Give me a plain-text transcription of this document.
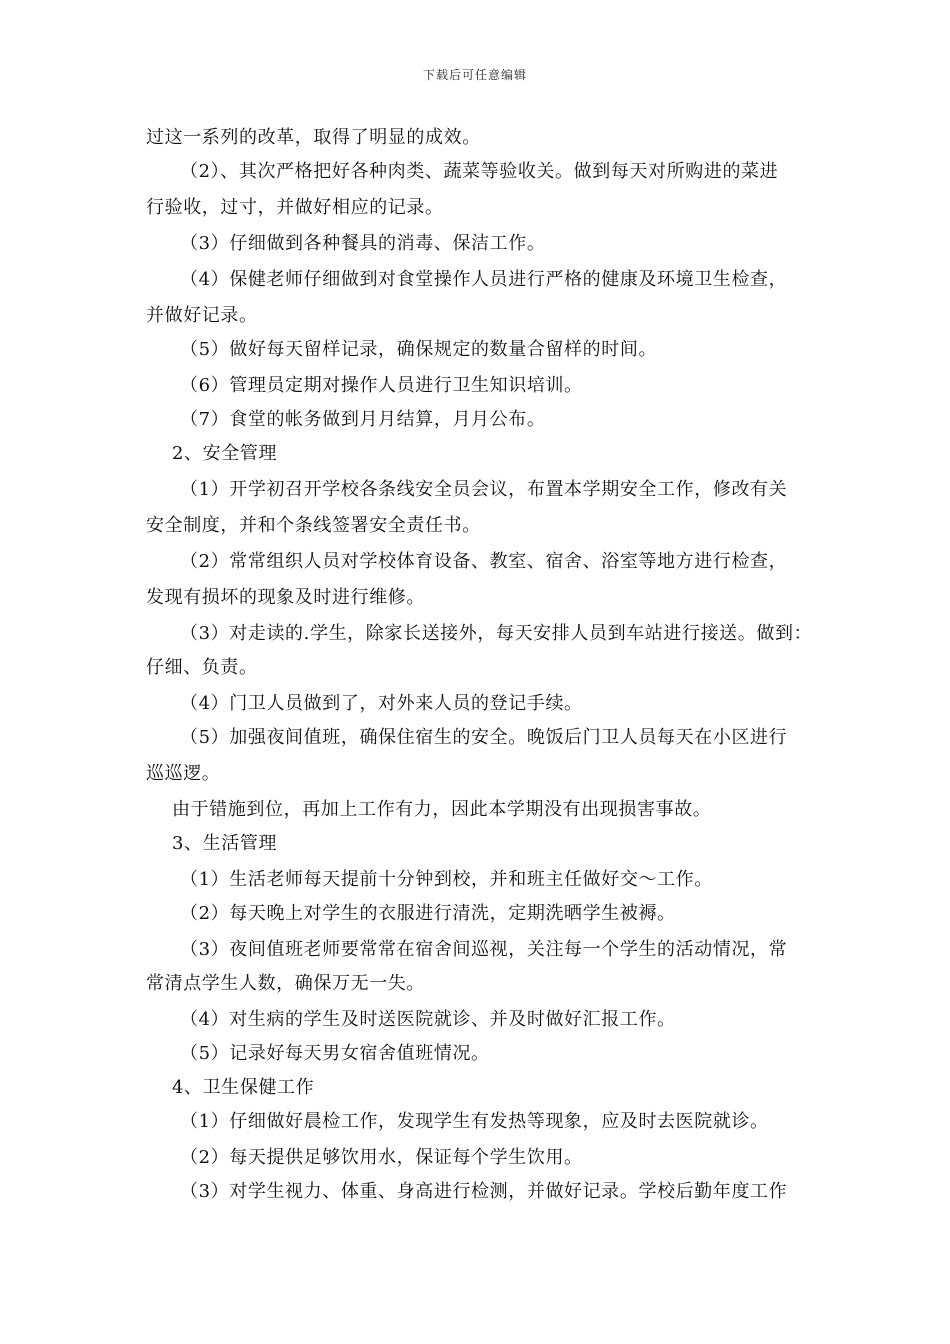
下载后可任意编辑
过这一系列的改革，取得了明显的成效。
（2）、其次严格把好各种肉类、蔬菜等验收关。做到每天对所购进的菜进
行验收，过寸，并做好相应的记录。
（3）仔细做到各种餐具的消毒、保洁工作。
（4）保健老师仔细做到对食堂操作人员进行严格的健康及环境卫生检查，
并做好记录。
（5）做好每天留样记录，确保规定的数量合留样的时间。
（6）管理员定期对操作人员进行卫生知识培训。
（7）食堂的帐务做到月月结算，月月公布。
2、安全管理
（1）开学初召开学校各条线安全员会议，布置本学期安全工作，修改有关
安全制度，并和个条线签署安全责任书。
（2）常常组织人员对学校体育设备、教室、宿舍、浴室等地方进行检查，
发现有损坏的现象及时进行维修。
（3）对走读的.学生，除家长送接外，每天安排人员到车站进行接送。做到：
仔细、负责。
（4）门卫人员做到了，对外来人员的登记手续。
（5）加强夜间值班，确保住宿生的安全。晚饭后门卫人员每天在小区进行
巡巡逻。
由于错施到位，再加上工作有力，因此本学期没有出现损害事故。
3、生活管理
（1）生活老师每天提前十分钟到校，并和班主任做好交～工作。
（2）每天晚上对学生的衣服进行清洗，定期洗晒学生被褥。
（3）夜间值班老师要常常在宿舍间巡视，关注每一个学生的活动情况，常
常清点学生人数，确保万无一失。
（4）对生病的学生及时送医院就诊、并及时做好汇报工作。
（5）记录好每天男女宿舍值班情况。
4、卫生保健工作
（1）仔细做好晨检工作，发现学生有发热等现象，应及时去医院就诊。
（2）每天提供足够饮用水，保证每个学生饮用。
（3）对学生视力、体重、身高进行检测，并做好记录。学校后勤年度工作
